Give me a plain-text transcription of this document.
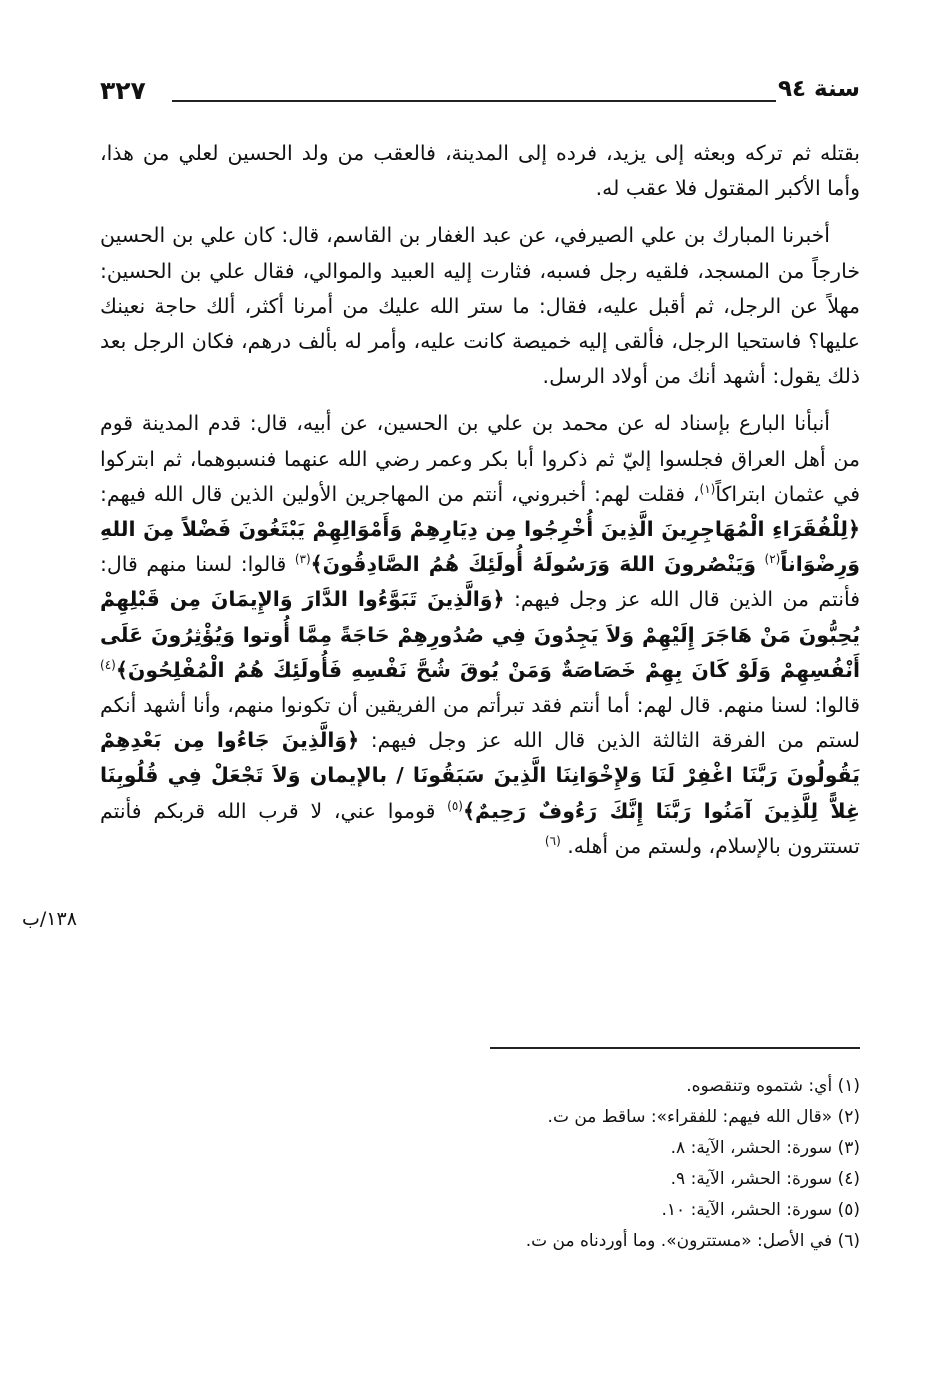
سنة ٩٤
٣٢٧

بقتله ثم تركه وبعثه إلى يزيد، فرده إلى المدينة، فالعقب من ولد الحسين لعلي من هذا، وأما الأكبر المقتول فلا عقب له.

أخبرنا المبارك بن علي الصيرفي، عن عبد الغفار بن القاسم، قال: كان علي بن الحسين خارجاً من المسجد، فلقيه رجل فسبه، فثارت إليه العبيد والموالي، فقال علي بن الحسين: مهلاً عن الرجل، ثم أقبل عليه، فقال: ما ستر الله عليك من أمرنا أكثر، ألك حاجة نعينك عليها؟ فاستحيا الرجل، فألقى إليه خميصة كانت عليه، وأمر له بألف درهم، فكان الرجل بعد ذلك يقول: أشهد أنك من أولاد الرسل.

أنبأنا البارع بإسناد له عن محمد بن علي بن الحسين، عن أبيه، قال: قدم المدينة قوم من أهل العراق فجلسوا إليّ ثم ذكروا أبا بكر وعمر رضي الله عنهما فنسبوهما، ثم ابتركوا في عثمان ابتراكاً$^{(١)}$، فقلت لهم: أخبروني، أنتم من المهاجرين الأولين الذين قال الله فيهم: ﴿لِلْفُقَرَاءِ الْمُهَاجِرِينَ الَّذِينَ أُخْرِجُوا مِن دِيَارِهِمْ وَأَمْوَالِهِمْ يَبْتَغُونَ فَضْلاً مِنَ اللهِ وَرِضْوَاناً$^{(٢)}$ وَيَنْصُرونَ اللهَ وَرَسُولَهُ أُولَئِكَ هُمُ الصَّادِقُونَ﴾$^{(٣)}$ قالوا: لسنا منهم قال: فأنتم من الذين قال الله عز وجل فيهم: ﴿وَالَّذِينَ تَبَوَّءُوا الدَّارَ وَالإِيمَانَ مِن قَبْلِهِمْ يُحِبُّونَ مَنْ هَاجَرَ إِلَيْهِمْ وَلاَ يَجِدُونَ فِي صُدُورِهِمْ حَاجَةً مِمَّا أُوتوا وَيُؤْثِرُونَ عَلَى أَنْفُسِهِمْ وَلَوْ كَانَ بِهِمْ خَصَاصَةٌ وَمَنْ يُوقَ شُحَّ نَفْسِهِ فَأُولَئِكَ هُمُ الْمُفْلِحُونَ﴾$^{(٤)}$ قالوا: لسنا منهم. قال لهم: أما أنتم فقد تبرأتم من الفريقين أن تكونوا منهم، وأنا أشهد أنكم لستم من الفرقة الثالثة الذين قال الله عز وجل فيهم: ﴿وَالَّذِينَ جَاءُوا مِن بَعْدِهِمْ يَقُولُونَ رَبَّنَا اغْفِرْ لَنَا وَلإِخْوَانِنَا الَّذِينَ سَبَقُونَا / بالإيمان وَلاَ تَجْعَلْ فِي قُلُوبِنَا غِلاًّ لِلَّذِينَ آمَنُوا رَبَّنَا إِنَّكَ رَءُوفٌ رَحِيمٌ﴾$^{(٥)}$ قوموا عني، لا قرب الله قربكم فأنتم تستترون بالإسلام، ولستم من أهله. $^{(٦)}$

١٣٨/ب
(١) أي: شتموه وتنقصوه.
(٢) «قال الله فيهم: للفقراء»: ساقط من ت.
(٣) سورة: الحشر، الآية: ٨.
(٤) سورة: الحشر، الآية: ٩.
(٥) سورة: الحشر، الآية: ١٠.
(٦) في الأصل: «مستترون». وما أوردناه من ت.
